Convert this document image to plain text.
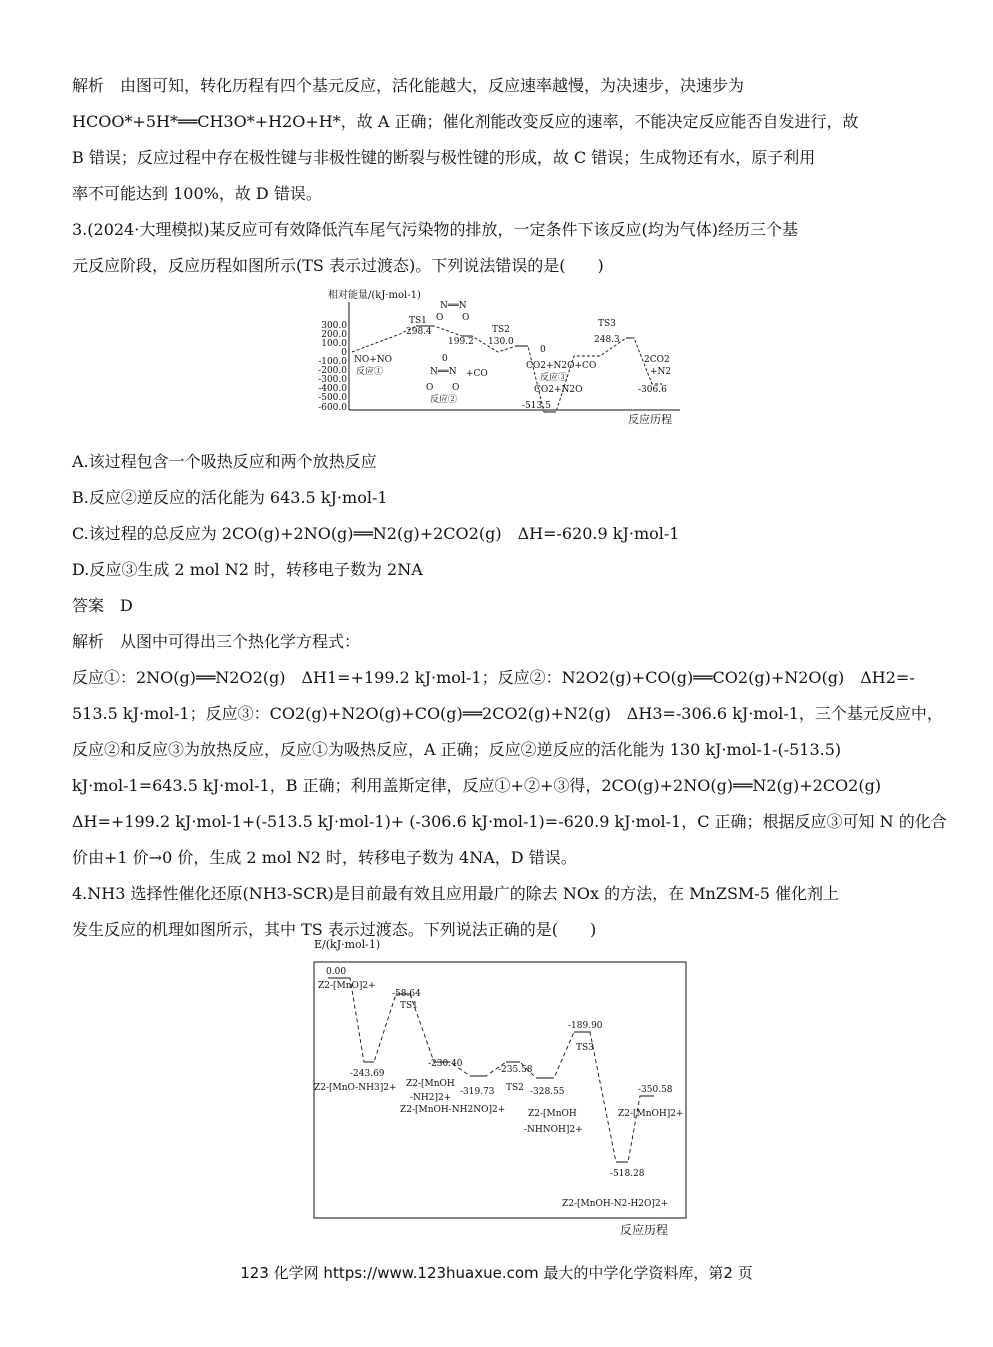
解析　由图可知，转化历程有四个基元反应，活化能越大，反应速率越慢，为决速步，决速步为

HCOO*+5H*══CH3O*+H2O+H*，故 A 正确；催化剂能改变反应的速率，不能决定反应能否自发进行，故

B 错误；反应过程中存在极性键与非极性键的断裂与极性键的形成，故 C 错误；生成物还有水，原子利用

率不可能达到 100%，故 D 错误。

3.(2024·大理模拟)某反应可有效降低汽车尾气污染物的排放，一定条件下该反应(均为气体)经历三个基

元反应阶段，反应历程如图所示(TS 表示过渡态)。下列说法错误的是(　　)

A.该过程包含一个吸热反应和两个放热反应

B.反应②逆反应的活化能为 643.5 kJ·mol-1

C.该过程的总反应为 2CO(g)+2NO(g)══N2(g)+2CO2(g)　ΔH=-620.9 kJ·mol-1

D.反应③生成 2 mol N2 时，转移电子数为 2NA

答案　D

解析　从图中可得出三个热化学方程式：

反应①：2NO(g)══N2O2(g)　ΔH1=+199.2 kJ·mol-1；反应②：N2O2(g)+CO(g)══CO2(g)+N2O(g)　ΔH2=-

513.5 kJ·mol-1；反应③：CO2(g)+N2O(g)+CO(g)══2CO2(g)+N2(g)　ΔH3=-306.6 kJ·mol-1，三个基元反应中，

反应②和反应③为放热反应，反应①为吸热反应，A 正确；反应②逆反应的活化能为 130 kJ·mol-1-(-513.5)

kJ·mol-1=643.5 kJ·mol-1，B 正确；利用盖斯定律，反应①+②+③得，2CO(g)+2NO(g)══N2(g)+2CO2(g)

ΔH=+199.2 kJ·mol-1+(-513.5 kJ·mol-1)+ (-306.6 kJ·mol-1)=-620.9 kJ·mol-1，C 正确；根据反应③可知 N 的化合

价由+1 价→0 价，生成 2 mol N2 时，转移电子数为 4NA，D 错误。

4.NH3 选择性催化还原(NH3-SCR)是目前最有效且应用最广的除去 NOx 的方法，在 MnZSM-5 催化剂上

发生反应的机理如图所示，其中 TS 表示过渡态。下列说法正确的是(　　)

相对能量/(kJ·mol-1)
300.0
200.0
100.0
0
-100.0
-200.0
-300.0
-400.0
-500.0
-600.0
反应历程
NO+NO
反应①
TS1
298.4
199.2
N══N
O O
TS2
130.0
0
N══N +CO
O O
反应②
0
CO2+N2O+CO
反应③
CO2+N2O
-513.5
TS3
248.3
2CO2
+N2
-306.6
E/(kJ·mol-1)
反应历程
0.00
Z2-[MnO]2+
-58.64
TS1
-243.69
Z2-[MnO-NH3]2+
-230.40
Z2-[MnOH
-NH2]2+
-319.73
Z2-[MnOH-NH2NO]2+
-235.58
TS2 -328.55
Z2-[MnOH
-NHNOH]2+
-189.90
TS3
-518.28
Z2-[MnOH-N2-H2O]2+
-350.58
Z2-[MnOH]2+
123 化学网 https://www.123huaxue.com 最大的中学化学资料库，第2 页
